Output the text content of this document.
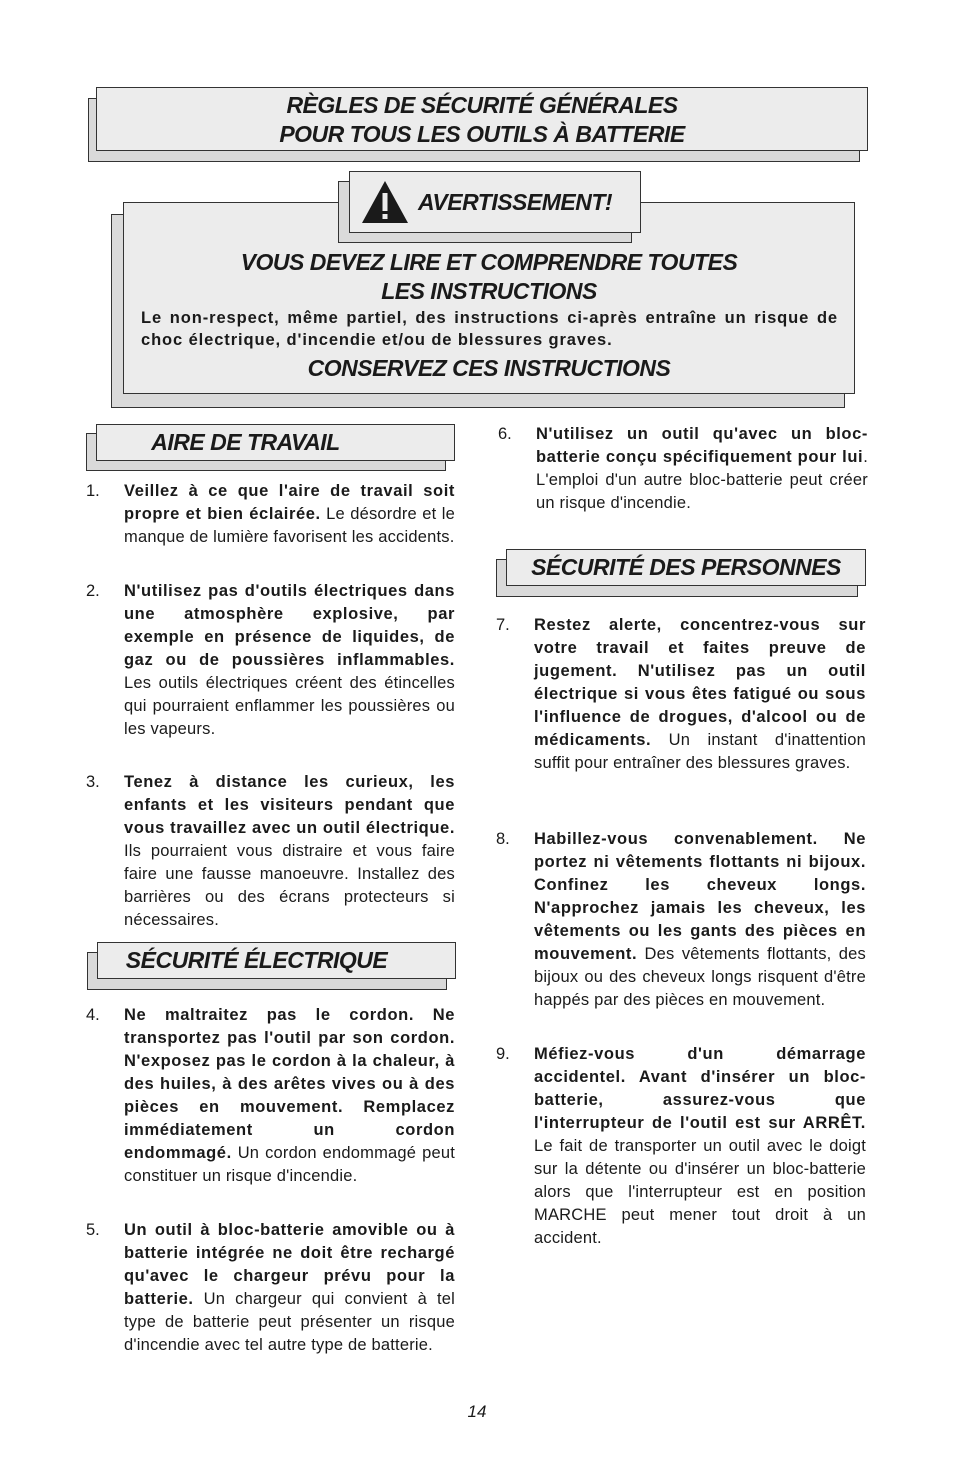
RÈGLES DE SÉCURITÉ GÉNÉRALES
POUR TOUS LES OUTILS À BATTERIE
VOUS DEVEZ LIRE ET COMPRENDRE TOUTES
LES INSTRUCTIONS
Le non-respect, même partiel, des instructions ci-après entraîne un risque de choc électrique, d'incendie et/ou de blessures graves.
CONSERVEZ CES INSTRUCTIONS
AVERTISSEMENT!
AIRE DE TRAVAIL
1. Veillez à ce que l'aire de travail soit propre et bien éclairée. Le désordre et le manque de lumière favorisent les accidents.
2. N'utilisez pas d'outils électriques dans une atmosphère explosive, par exemple en présence de liquides, de gaz ou de poussières inflammables. Les outils électriques créent des étincelles qui pourraient enflammer les poussières ou les vapeurs.
3. Tenez à distance les curieux, les enfants et les visiteurs pendant que vous travaillez avec un outil électrique. Ils pourraient vous distraire et vous faire faire une fausse manoeuvre. Installez des barrières ou des écrans protecteurs si nécessaires.
SÉCURITÉ ÉLECTRIQUE
4. Ne maltraitez pas le cordon. Ne transportez pas l'outil par son cordon. N'exposez pas le cordon à la chaleur, à des huiles, à des arêtes vives ou à des pièces en mouvement. Remplacez immédiatement un cordon endommagé. Un cordon endommagé peut constituer un risque d'incendie.
5. Un outil à bloc-batterie amovible ou à batterie intégrée ne doit être rechargé qu'avec le chargeur prévu pour la batterie. Un chargeur qui convient à tel type de batterie peut présenter un risque d'incendie avec tel autre type de batterie.
6. N'utilisez un outil qu'avec un bloc-batterie conçu spécifiquement pour lui. L'emploi d'un autre bloc-batterie peut créer un risque d'incendie.
SÉCURITÉ DES PERSONNES
7. Restez alerte, concentrez-vous sur votre travail et faites preuve de jugement. N'utilisez pas un outil électrique si vous êtes fatigué ou sous l'influence de drogues, d'alcool ou de médicaments. Un instant d'inattention suffit pour entraîner des blessures graves.
8. Habillez-vous convenablement. Ne portez ni vêtements flottants ni bijoux. Confinez les cheveux longs. N'approchez jamais les cheveux, les vêtements ou les gants des pièces en mouvement. Des vêtements flottants, des bijoux ou des cheveux longs risquent d'être happés par des pièces en mouvement.
9. Méfiez-vous d'un démarrage accidentel. Avant d'insérer un bloc-batterie, assurez-vous que l'interrupteur de l'outil est sur ARRÊT. Le fait de transporter un outil avec le doigt sur la détente ou d'insérer un bloc-batterie alors que l'interrupteur est en position MARCHE peut mener tout droit à un accident.
14
